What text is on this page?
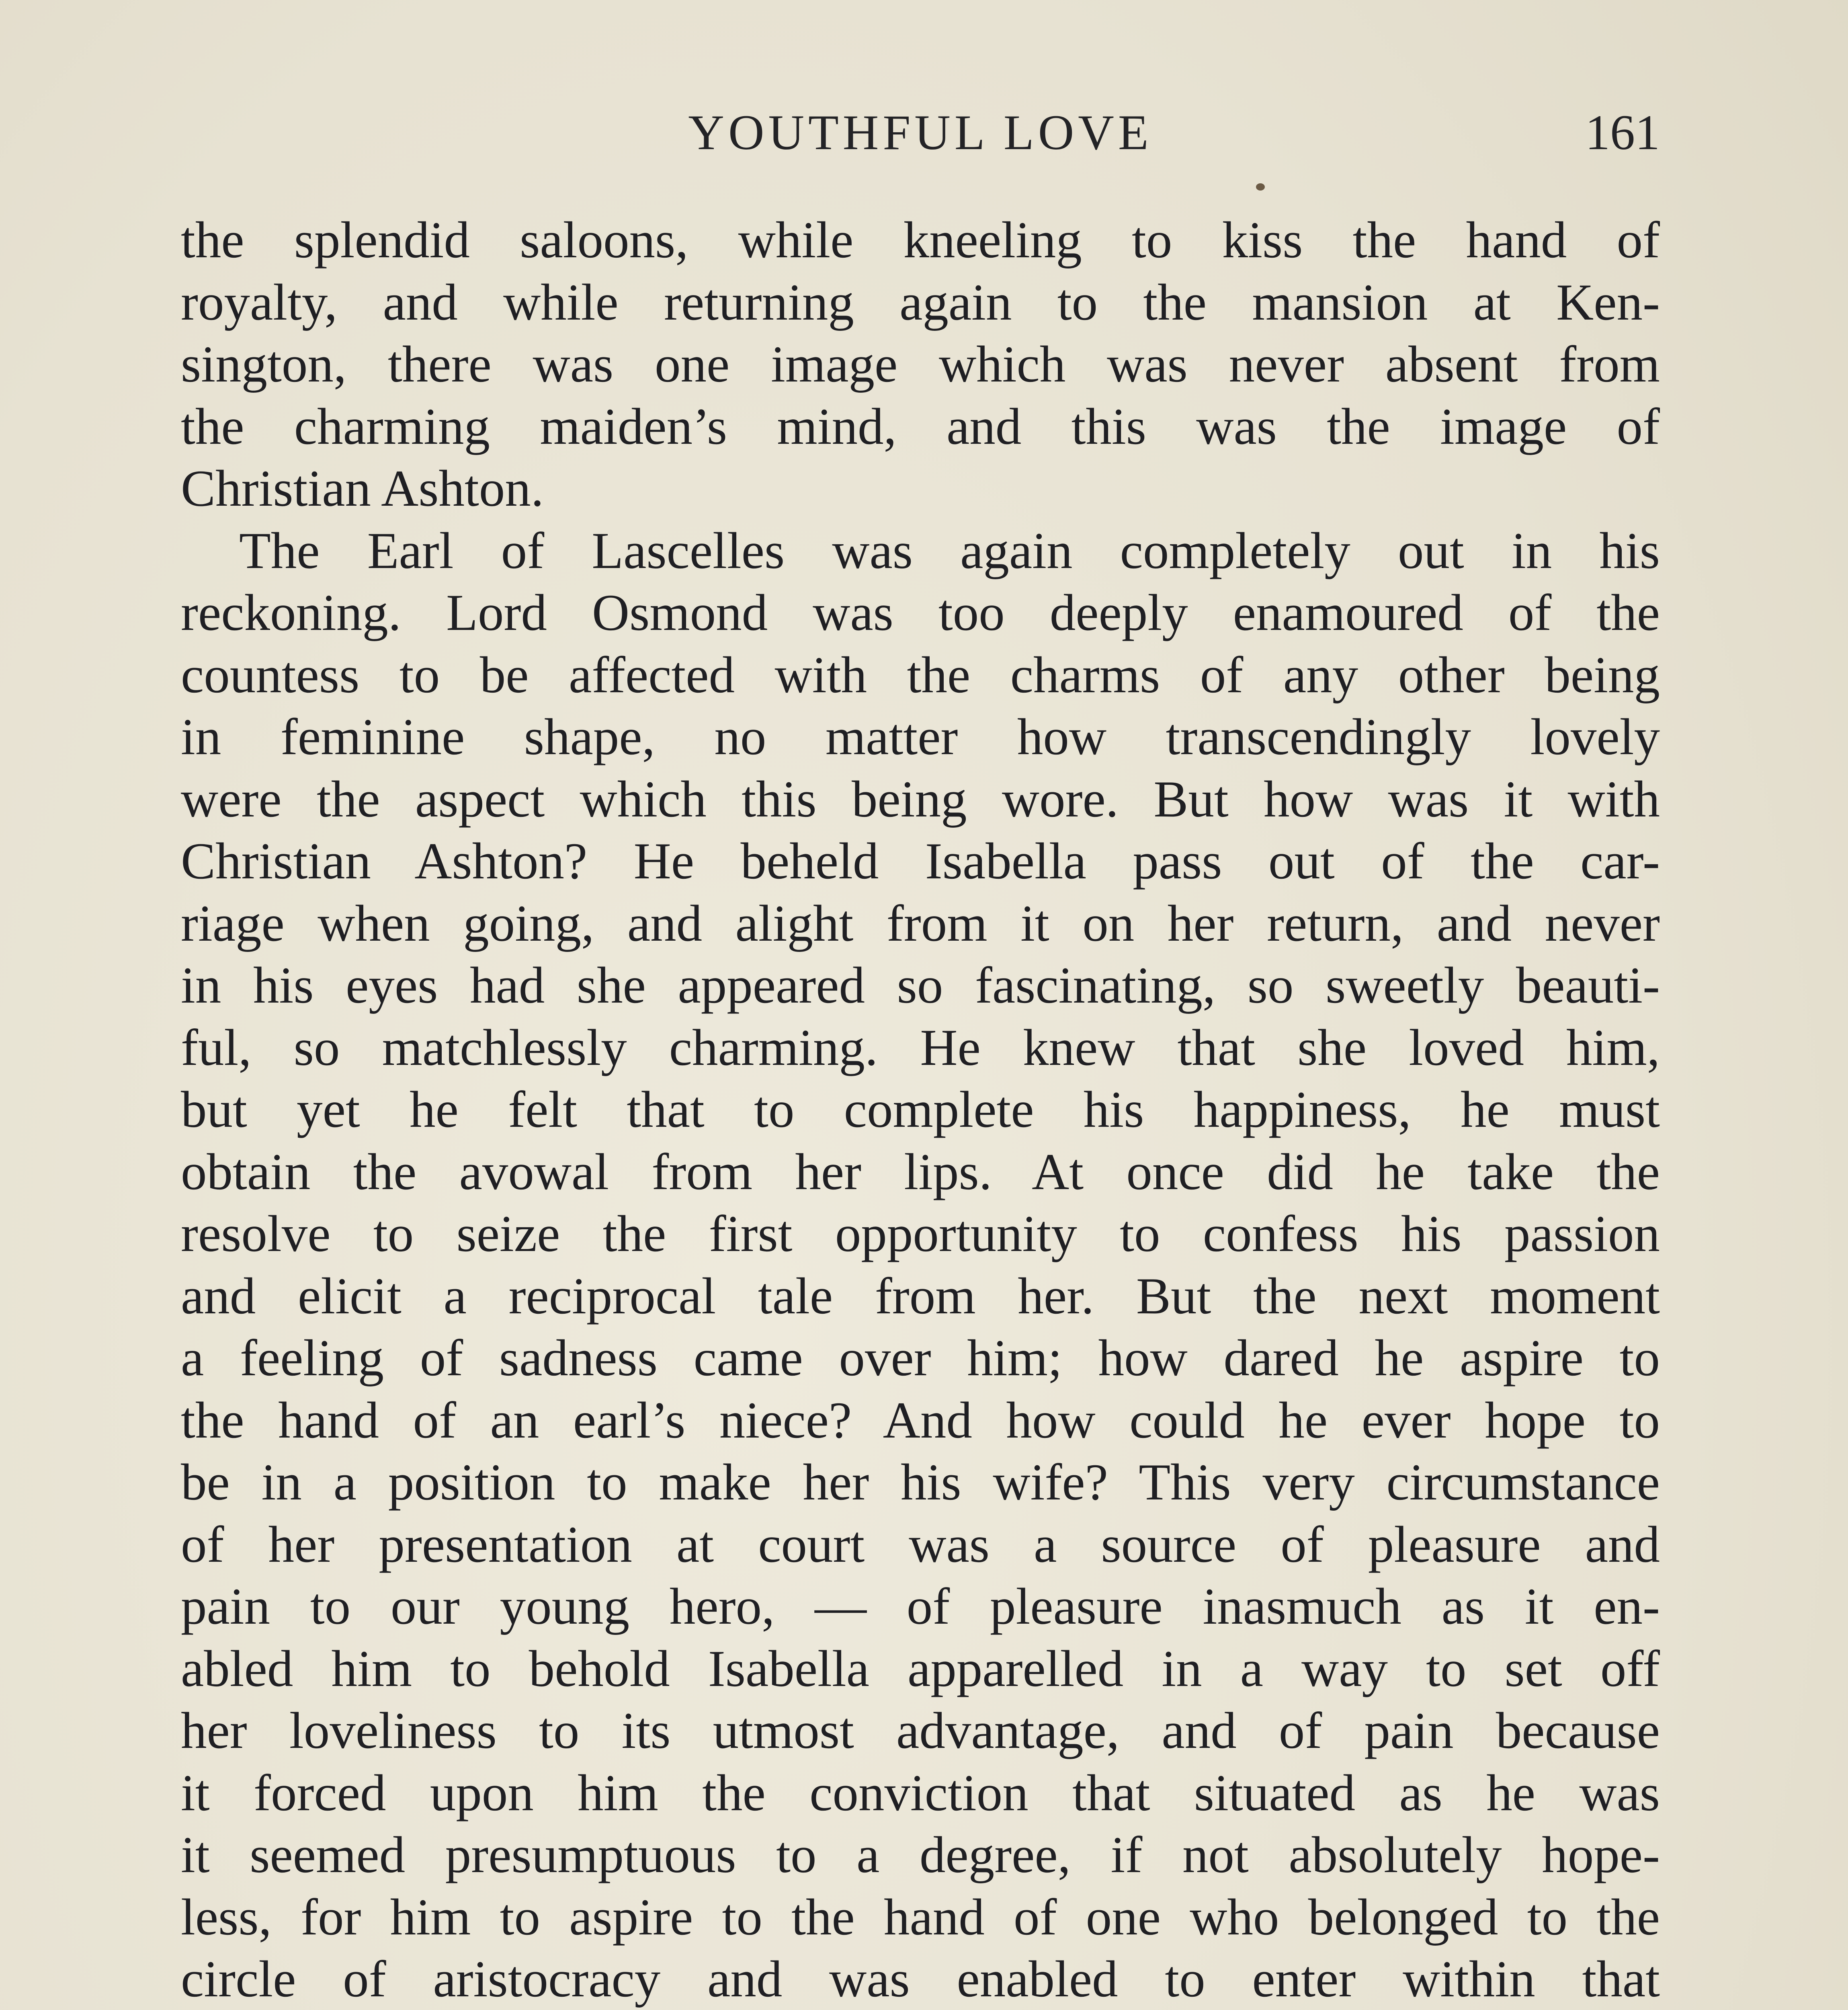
YOUTHFUL LOVE	161
the splendid saloons, while kneeling to kiss the hand of
royalty, and while returning again to the mansion at Ken-
sington, there was one image which was never absent from
the charming maiden’s mind, and this was the image of
Christian Ashton.
The Earl of Lascelles was again completely out in his
reckoning. Lord Osmond was too deeply enamoured of the
countess to be affected with the charms of any other being
in feminine shape, no matter how transcendingly lovely
were the aspect which this being wore. But how was it with
Christian Ashton? He beheld Isabella pass out of the car-
riage when going, and alight from it on her return, and never
in his eyes had she appeared so fascinating, so sweetly beauti-
ful, so matchlessly charming. He knew that she loved him,
but yet he felt that to complete his happiness, he must
obtain the avowal from her lips. At once did he take the
resolve to seize the first opportunity to confess his passion
and elicit a reciprocal tale from her. But the next moment
a feeling of sadness came over him; how dared he aspire to
the hand of an earl’s niece? And how could he ever hope to
be in a position to make her his wife? This very circumstance
of her presentation at court was a source of pleasure and
pain to our young hero, — of pleasure inasmuch as it en-
abled him to behold Isabella apparelled in a way to set off
her loveliness to its utmost advantage, and of pain because
it forced upon him the conviction that situated as he was
it seemed presumptuous to a degree, if not absolutely hope-
less, for him to aspire to the hand of one who belonged to the
circle of aristocracy and was enabled to enter within that
